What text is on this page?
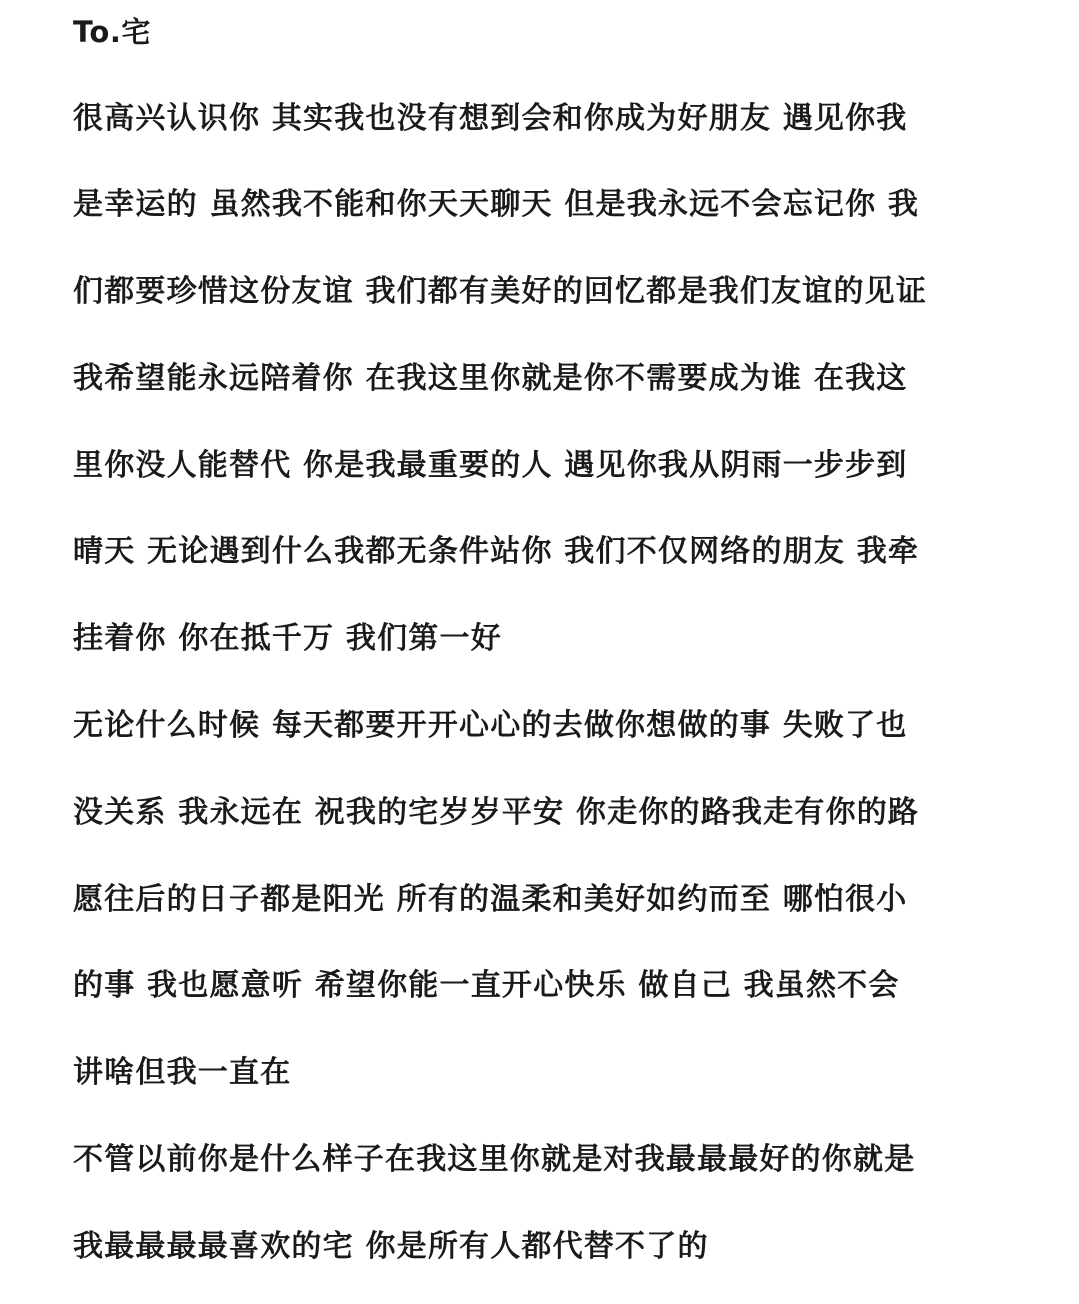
To.宅
很高兴认识你 其实我也没有想到会和你成为好朋友 遇见你我
是幸运的 虽然我不能和你天天聊天 但是我永远不会忘记你 我
们都要珍惜这份友谊 我们都有美好的回忆都是我们友谊的见证
我希望能永远陪着你 在我这里你就是你不需要成为谁 在我这
里你没人能替代 你是我最重要的人 遇见你我从阴雨一步步到
晴天 无论遇到什么我都无条件站你 我们不仅网络的朋友 我牵
挂着你 你在抵千万 我们第一好
无论什么时候 每天都要开开心心的去做你想做的事 失败了也
没关系 我永远在 祝我的宅岁岁平安 你走你的路我走有你的路
愿往后的日子都是阳光 所有的温柔和美好如约而至 哪怕很小
的事 我也愿意听 希望你能一直开心快乐 做自己 我虽然不会
讲啥但我一直在
不管以前你是什么样子在我这里你就是对我最最最好的你就是
我最最最最喜欢的宅 你是所有人都代替不了的
